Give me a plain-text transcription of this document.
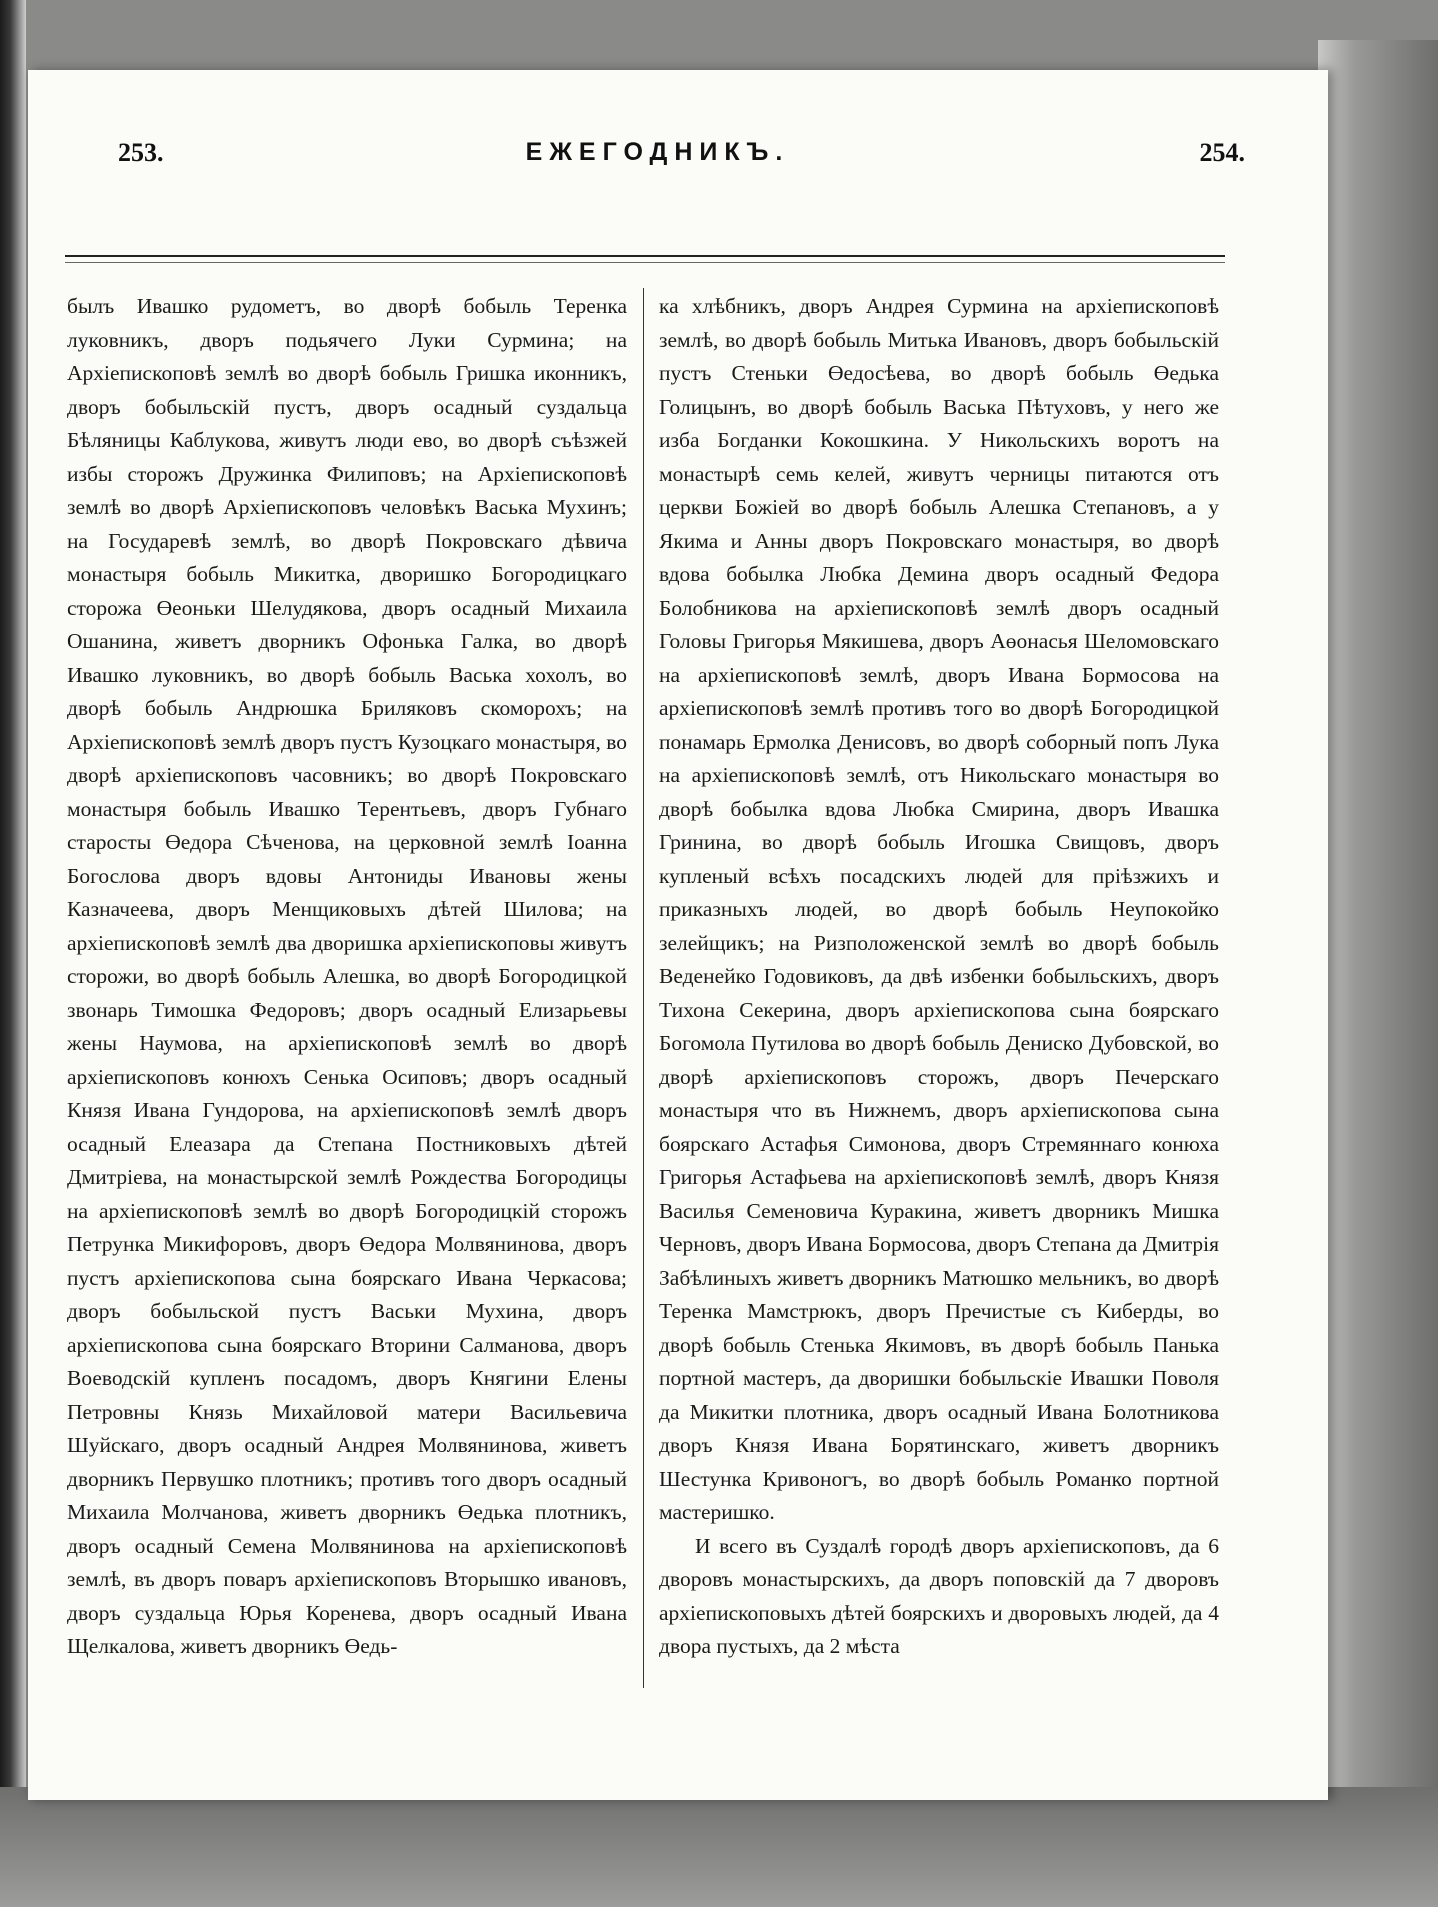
253.	ЕЖЕГОДНИКЪ.	254.

былъ Ивашко рудометъ, во дворѣ бобыль Теренка луковникъ, дворъ подьячего Луки Сурмина; на Архіепископовѣ землѣ во дворѣ бобыль Гришка иконникъ, дворъ бобыльскій пустъ, дворъ осадный суздальца Бѣляницы Каблукова, живутъ люди ево, во дворѣ съѣзжей избы сторожъ Дружинка Филиповъ; на Архіепископовѣ землѣ во дворѣ Архіепископовъ человѣкъ Васька Мухинъ; на Государевѣ землѣ, во дворѣ Покровскаго дѣвича монастыря бобыль Микитка, дворишко Богородицкаго сторожа Өеоньки Шелудякова, дворъ осадный Михаила Ошанина, живетъ дворникъ Офонька Галка, во дворѣ Ивашко луковникъ, во дворѣ бобыль Васька хохолъ, во дворѣ бобыль Андрюшка Бриляковъ скоморохъ; на Архіепископовѣ землѣ дворъ пустъ Кузоцкаго монастыря, во дворѣ архіепископовъ часовникъ; во дворѣ Покровскаго монастыря бобыль Ивашко Терентьевъ, дворъ Губнаго старосты Өедора Сѣченова, на церковной землѣ Іоанна Богослова дворъ вдовы Антониды Ивановы жены Казначеева, дворъ Менщиковыхъ дѣтей Шилова; на архіепископовѣ землѣ два дворишка архіепископовы живутъ сторожи, во дворѣ бобыль Алешка, во дворѣ Богородицкой звонарь Тимошка Федоровъ; дворъ осадный Елизарьевы жены Наумова, на архіепископовѣ землѣ во дворѣ архіепископовъ конюхъ Сенька Осиповъ; дворъ осадный Князя Ивана Гундорова, на архіепископовѣ землѣ дворъ осадный Елеазара да Степана Постниковыхъ дѣтей Дмитріева, на монастырской землѣ Рождества Богородицы на архіепископовѣ землѣ во дворѣ Богородицкій сторожъ Петрунка Микифоровъ, дворъ Өедора Молвянинова, дворъ пустъ архіепископова сына боярскаго Ивана Черкасова; дворъ бобыльской пустъ Васьки Мухина, дворъ архіепископова сына боярскаго Вторини Салманова, дворъ Воеводскій купленъ посадомъ, дворъ Княгини Елены Петровны Князь Михайловой матери Васильевича Шуйскаго, дворъ осадный Андрея Молвянинова, живетъ дворникъ Первушко плотникъ; противъ того дворъ осадный Михаила Молчанова, живетъ дворникъ Өедька плотникъ, дворъ осадный Семена Молвянинова на архіепископовѣ землѣ, въ дворъ поваръ архіепископовъ Вторышко ивановъ, дворъ суздальца Юрья Коренева, дворъ осадный Ивана Щелкалова, живетъ дворникъ Өедь-

ка хлѣбникъ, дворъ Андрея Сурмина на архіепископовѣ землѣ, во дворѣ бобыль Митька Ивановъ, дворъ бобыльскій пустъ Стеньки Өедосѣева, во дворѣ бобыль Өедька Голицынъ, во дворѣ бобыль Васька Пѣтуховъ, у него же изба Богданки Кокошкина. У Никольскихъ воротъ на монастырѣ семь келей, живутъ черницы питаются отъ церкви Божіей во дворѣ бобыль Алешка Степановъ, а у Якима и Анны дворъ Покровскаго монастыря, во дворѣ вдова бобылка Любка Демина дворъ осадный Федора Болобникова на архіепископовѣ землѣ дворъ осадный Головы Григорья Мякишева, дворъ Аөонасья Шеломовскаго на архіепископовѣ землѣ, дворъ Ивана Бормосова на архіепископовѣ землѣ противъ того во дворѣ Богородицкой понамарь Ермолка Денисовъ, во дворѣ соборный попъ Лука на архіепископовѣ землѣ, отъ Никольскаго монастыря во дворѣ бобылка вдова Любка Смирина, дворъ Ивашка Гринина, во дворѣ бобыль Игошка Свищовъ, дворъ купленый всѣхъ посадскихъ людей для пріѣзжихъ и приказныхъ людей, во дворѣ бобыль Неупокойко зелейщикъ; на Ризположенской землѣ во дворѣ бобыль Веденейко Годовиковъ, да двѣ избенки бобыльскихъ, дворъ Тихона Секерина, дворъ архіепископова сына боярскаго Богомола Путилова во дворѣ бобыль Дениско Дубовской, во дворѣ архіепископовъ сторожъ, дворъ Печерскаго монастыря что въ Нижнемъ, дворъ архіепископова сына боярскаго Астафья Симонова, дворъ Стремяннаго конюха Григорья Астафьева на архіепископовѣ землѣ, дворъ Князя Василья Семеновича Куракина, живетъ дворникъ Мишка Черновъ, дворъ Ивана Бормосова, дворъ Степана да Дмитрія Забѣлиныхъ живетъ дворникъ Матюшко мельникъ, во дворѣ Теренка Мамстрюкъ, дворъ Пречистые съ Киберды, во дворѣ бобыль Стенька Якимовъ, въ дворѣ бобыль Панька портной мастеръ, да дворишки бобыльскіе Ивашки Поволя да Микитки плотника, дворъ осадный Ивана Болотникова дворъ Князя Ивана Борятинскаго, живетъ дворникъ Шестунка Кривоногъ, во дворѣ бобыль Романко портной мастеришко.

И всего въ Суздалѣ городѣ дворъ архіепископовъ, да 6 дворовъ монастырскихъ, да дворъ поповскій да 7 дворовъ архіепископовыхъ дѣтей боярскихъ и дворовыхъ людей, да 4 двора пустыхъ, да 2 мѣста
